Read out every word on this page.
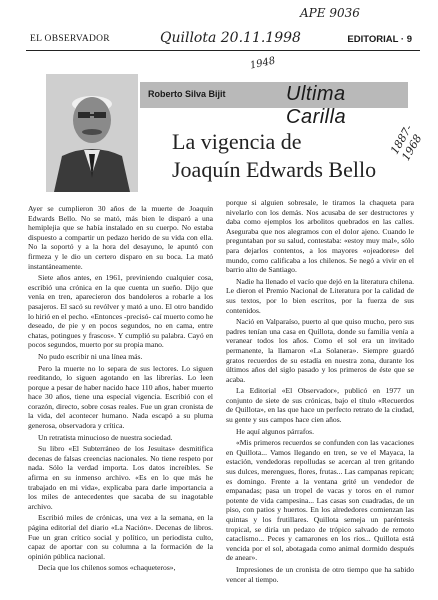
EL OBSERVADOR	EDITORIAL · 9
APE 9036
Quillota 20.11.1998
1948
1887-1968
Roberto Silva Bijit	Ultima Carilla
La vigencia de
Joaquín Edwards Bello

Ayer se cumplieron 30 años de la muerte de Joaquín Edwards Bello. No se mató, más bien le disparó a una hemiplejia que se había instalado en su cuerpo. No estaba dispuesto a compartir un pedazo herido de su vida con ella. No la soportó y a la hora del desayuno, le apuntó con firmeza y le dio un certero disparo en su boca. La mató instantáneamente.

Siete años antes, en 1961, previniendo cualquier cosa, escribió una crónica en la que cuenta un sueño. Dijo que venía en tren, aparecieron dos bandoleros a robarle a los pasajeros. El sacó su revólver y mató a uno. El otro bandido lo hirió en el pecho. «Entonces -precisó- caí muerto como he deseado, de pie y en pocos segundos, no en cama, entre chatas, potingues y frascos». Y cumplió su palabra. Cayó en pocos segundos, muerto por su propia mano.

No pudo escribir ni una línea más.

Pero la muerte no lo separa de sus lectores. Lo siguen reeditando, lo siguen agotando en las librerías. Lo leen porque a pesar de haber nacido hace 110 años, haber muerto hace 30 años, tiene una especial vigencia. Escribió con el corazón, directo, sobre cosas reales. Fue un gran cronista de la vida, del acontecer humano. Nada escapó a su pluma generosa, observadora y crítica.

Un retratista minucioso de nuestra sociedad.

Su libro «El Subterráneo de los Jesuitas» desmitifica decenas de falsas creencias nacionales. No tiene respeto por nada. Sólo la verdad importa. Los datos increíbles. Se afirma en su inmenso archivo. «Es en lo que más he trabajado en mi vida», explicaba para darle importancia a los miles de antecedentes que sacaba de su inagotable archivo.

Escribió miles de crónicas, una vez a la semana, en la página editorial del diario «La Nación». Decenas de libros. Fue un gran crítico social y político, un periodista culto, capaz de aportar con su columna a la formación de la opinión pública nacional.

Decía que los chilenos somos «chaqueteros»,

porque si alguien sobresale, le tiramos la chaqueta para nivelarlo con los demás. Nos acusaba de ser destructores y daba como ejemplos los arbolitos quebrados en las calles. Aseguraba que nos alegramos con el dolor ajeno. Cuando le preguntaban por su salud, contestaba: «estoy muy mal», sólo para dejarlos contentos, a los mayores «ojeadores» del mundo, como calificaba a los chilenos. Se negó a vivir en el barrio alto de Santiago.

Nadie ha llenado el vacío que dejó en la literatura chilena. Le dieron el Premio Nacional de Literatura por la calidad de sus textos, por lo bien escritos, por la fuerza de sus contenidos.

Nació en Valparaíso, puerto al que quiso mucho, pero sus padres tenían una casa en Quillota, donde su familia venía a veranear todos los años. Como el sol era un invitado permanente, la llamaron «La Solanera». Siempre guardó gratos recuerdos de su estadía en nuestra zona, durante los últimos años del siglo pasado y los primeros de éste que se acaba.

La Editorial «El Observador», publicó en 1977 un conjunto de siete de sus crónicas, bajo el título «Recuerdos de Quillota», en las que hace un perfecto retrato de la ciudad, su gente y sus campos hace cien años.

He aquí algunos párrafos.

«Mis primeros recuerdos se confunden con las vacaciones en Quillota... Vamos llegando en tren, se ve el Mayaca, la estación, vendedoras repolludas se acercan al tren gritando sus dulces, merengues, flores, frutas... Las campanas repican; es domingo. Frente a la ventana grité un vendedor de empanadas; pasa un tropel de vacas y toros en el rumor potente de vida campesina... Las casas son cuadradas, de un piso, con patios y huertos. En los alrededores comienzan las quintas y los frutillares. Quillota semeja un paréntesis tropical, se diría un pedazo de trópico salvado de remoto cataclismo... Peces y camarones en los ríos... Quillota está vencida por el sol, abotagada como animal dormido después de anear».

Impresiones de un cronista de otro tiempo que ha sabido vencer al tiempo.
